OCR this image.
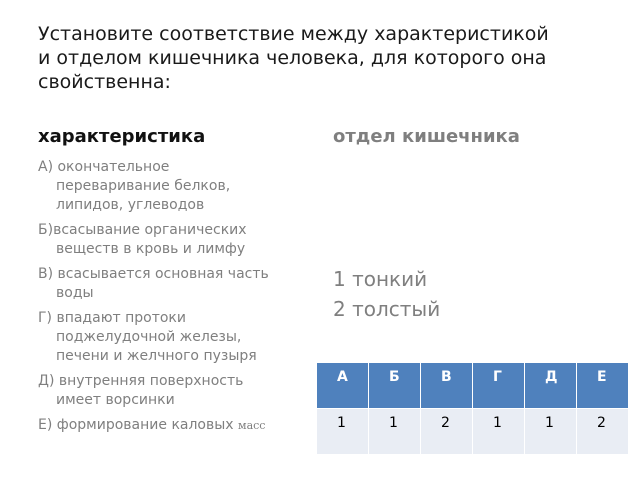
Установите соответствие между характеристикой
и отделом кишечника человека, для которого она
свойственна:
характеристика	отдел кишечника
А) окончательное
переваривание белков,
липидов, углеводов
Б)всасывание органических
веществ в кровь и лимфу
В) всасывается основная часть
воды
Г) впадают протоки
поджелудочной железы,
печени и желчного пузыря
Д) внутренняя поверхность
имеет ворсинки
Е) формирование каловых масс
1 тонкий
2 толстый
А	Б	В	Г	Д	Е
1	1	2	1	1	2
